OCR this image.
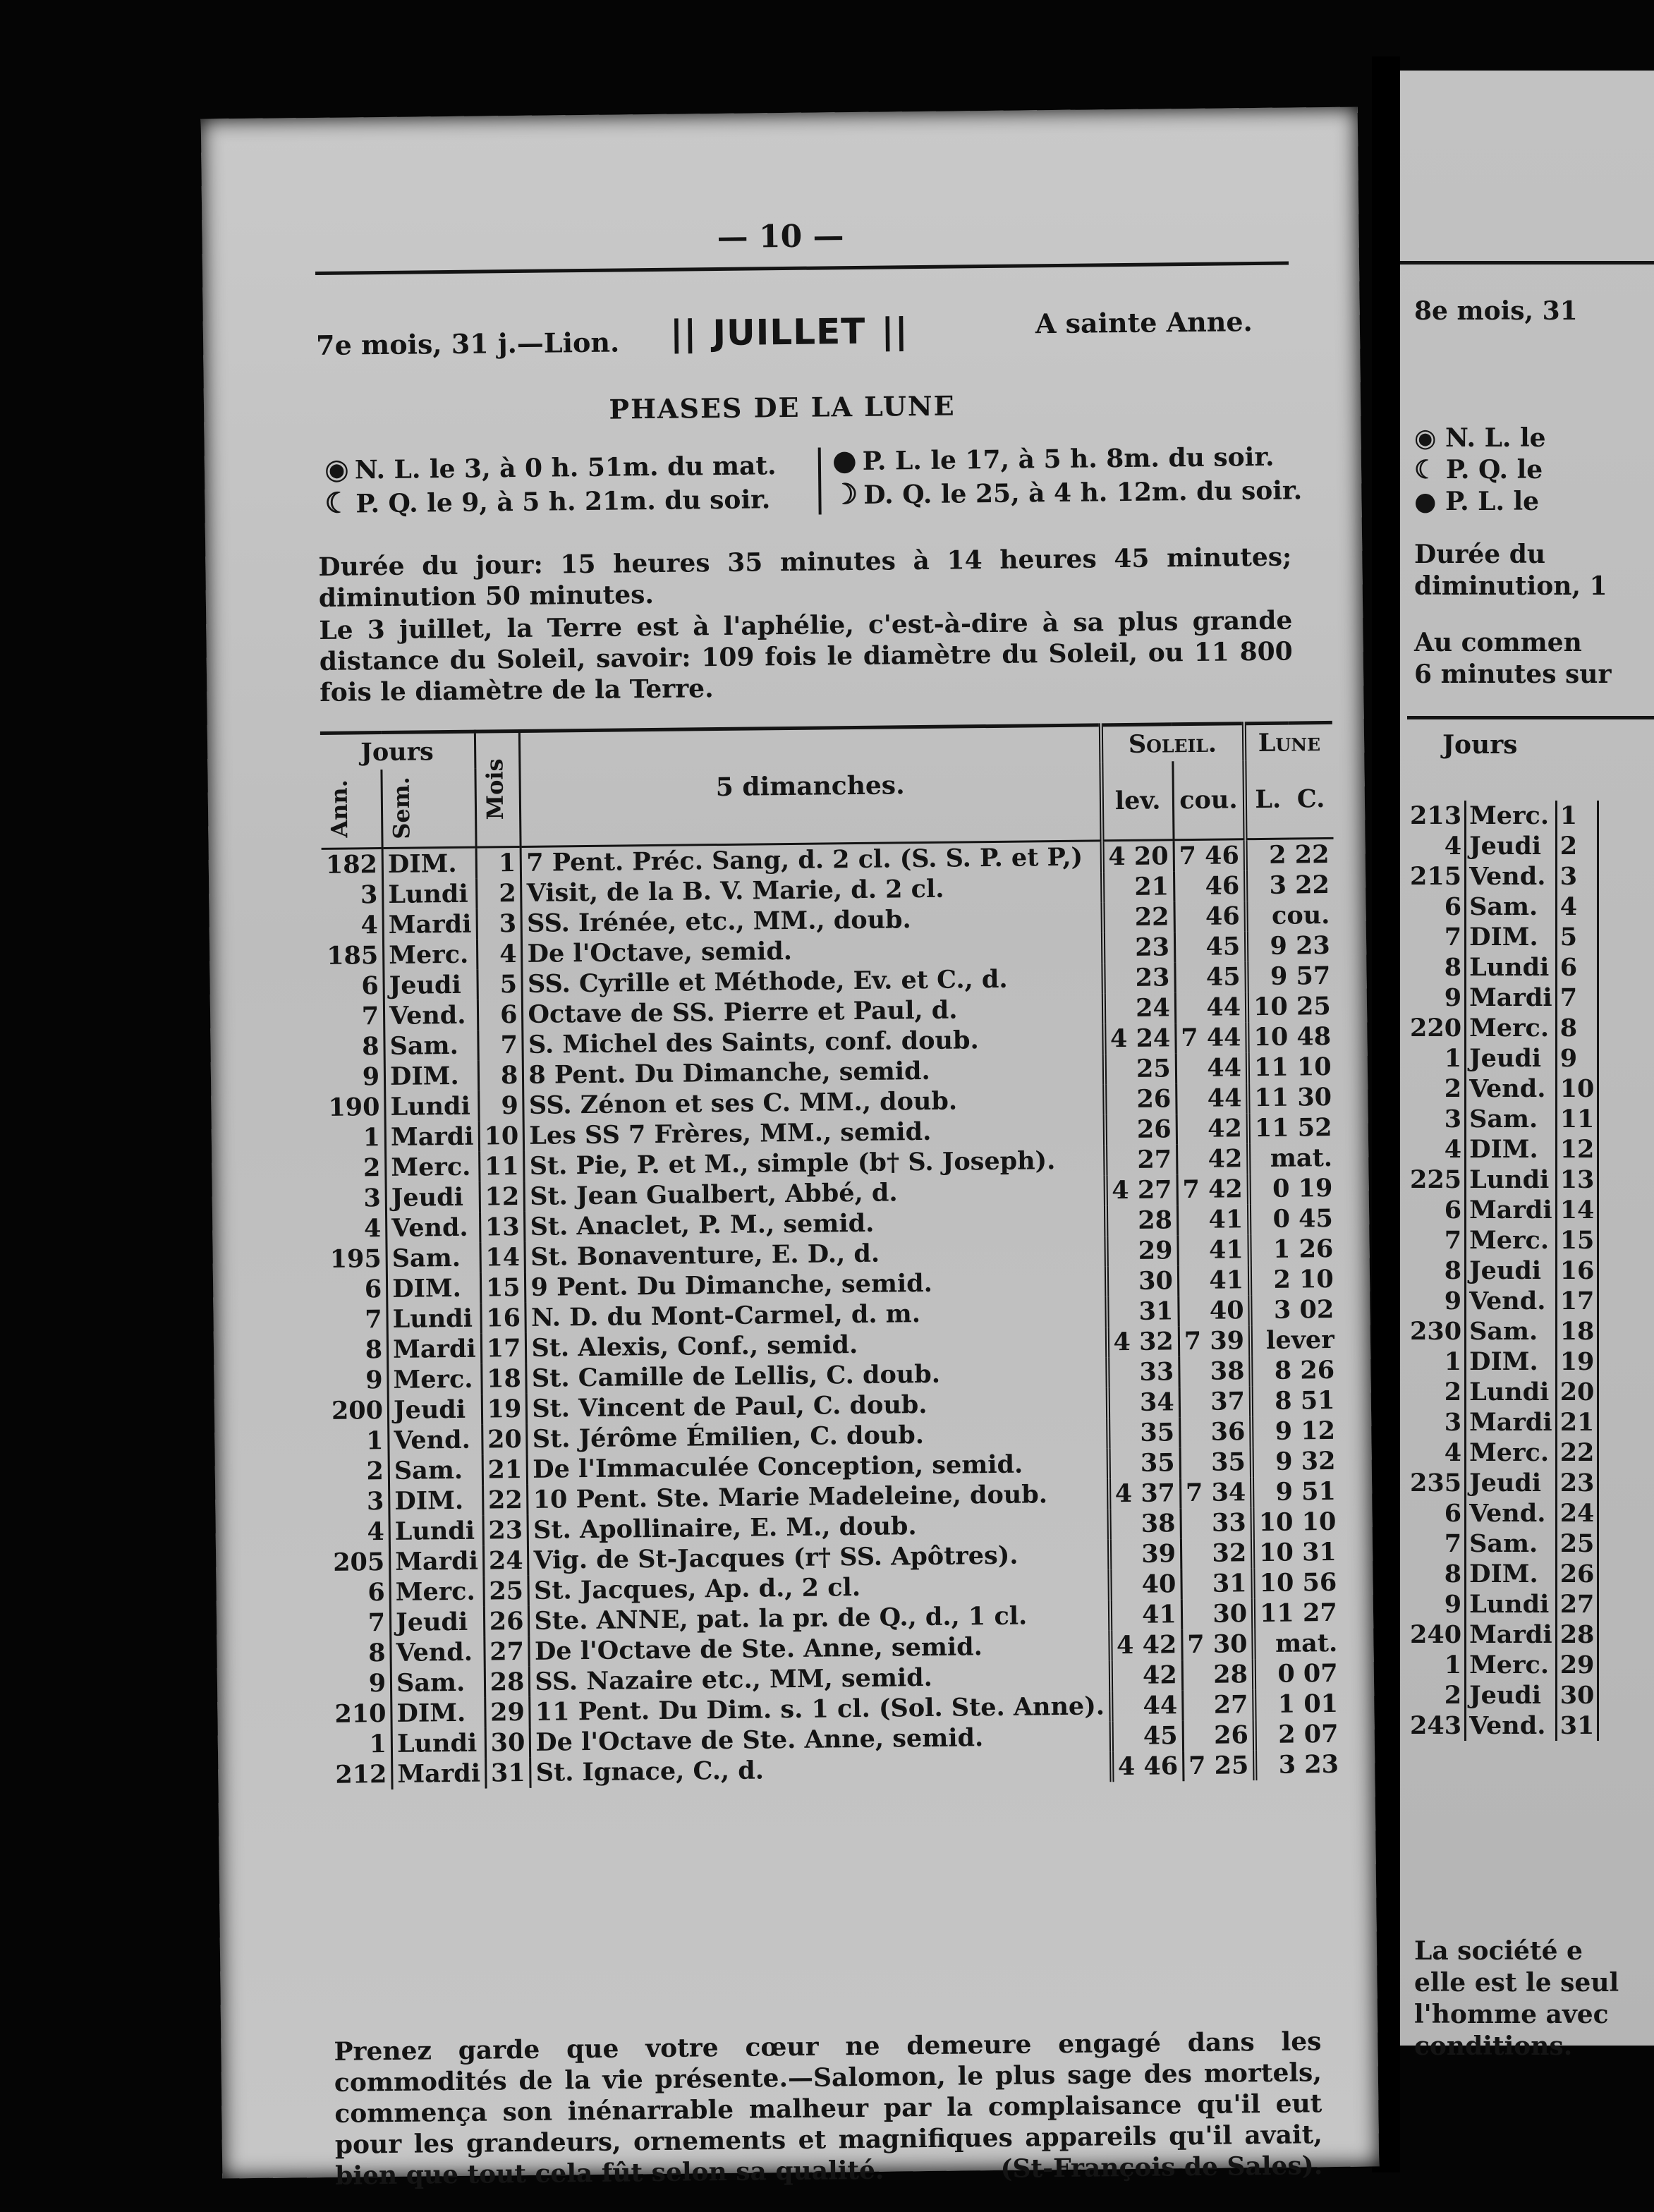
— 10 —
7e mois, 31 j.—Lion.	|| JUILLET ||	A sainte Anne.
PHASES DE LA LUNE
◉ N. L. le 3, à 0 h. 51m. du mat.
☾ P. Q. le 9, à 5 h. 21m. du soir.
● P. L. le 17, à 5 h. 8m. du soir.
☽ D. Q. le 25, à 4 h. 12m. du soir.
Durée du jour: 15 heures 35 minutes à 14 heures 45 minutes; diminution 50 minutes.
Le 3 juillet, la Terre est à l'aphélie, c'est-à-dire à sa plus grande distance du Soleil, savoir: 109 fois le diamètre du Soleil, ou 11 800 fois le diamètre de la Terre.
Jours		Mois	5 dimanches.	Soleil.		Lune	

Ann.	Sem.			lev.	cou.	L.	C.
182	DIM.	1	7 Pent. Préc. Sang, d. 2 cl. (S. S. P. et P,)	4 20	7 46	2 22	
3	Lundi	2	Visit, de la B. V. Marie, d. 2 cl.	21	46	3 22	
4	Mardi	3	SS. Irénée, etc., MM., doub.	22	46	cou.	
185	Merc.	4	De l'Octave, semid.	23	45	9 23	
6	Jeudi	5	SS. Cyrille et Méthode, Ev. et C., d.	23	45	9 57	
7	Vend.	6	Octave de SS. Pierre et Paul, d.	24	44	10 25	
8	Sam.	7	S. Michel des Saints, conf. doub.	4 24	7 44	10 48	
9	DIM.	8	8 Pent. Du Dimanche, semid.	25	44	11 10	
190	Lundi	9	SS. Zénon et ses C. MM., doub.	26	44	11 30	
1	Mardi	10	Les SS 7 Frères, MM., semid.	26	42	11 52	
2	Merc.	11	St. Pie, P. et M., simple (b† S. Joseph).	27	42	mat.	
3	Jeudi	12	St. Jean Gualbert, Abbé, d.	4 27	7 42	0 19	
4	Vend.	13	St. Anaclet, P. M., semid.	28	41	0 45	
195	Sam.	14	St. Bonaventure, E. D., d.	29	41	1 26	
6	DIM.	15	9 Pent. Du Dimanche, semid.	30	41	2 10	
7	Lundi	16	N. D. du Mont-Carmel, d. m.	31	40	3 02	
8	Mardi	17	St. Alexis, Conf., semid.	4 32	7 39	lever	
9	Merc.	18	St. Camille de Lellis, C. doub.	33	38	8 26	
200	Jeudi	19	St. Vincent de Paul, C. doub.	34	37	8 51	
1	Vend.	20	St. Jérôme Émilien, C. doub.	35	36	9 12	
2	Sam.	21	De l'Immaculée Conception, semid.	35	35	9 32	
3	DIM.	22	10 Pent. Ste. Marie Madeleine, doub.	4 37	7 34	9 51	
4	Lundi	23	St. Apollinaire, E. M., doub.	38	33	10 10	
205	Mardi	24	Vig. de St-Jacques (r† SS. Apôtres).	39	32	10 31	
6	Merc.	25	St. Jacques, Ap. d., 2 cl.	40	31	10 56	
7	Jeudi	26	Ste. ANNE, pat. la pr. de Q., d., 1 cl.	41	30	11 27	
8	Vend.	27	De l'Octave de Ste. Anne, semid.	4 42	7 30	mat.	
9	Sam.	28	SS. Nazaire etc., MM, semid.	42	28	0 07	
210	DIM.	29	11 Pent. Du Dim. s. 1 cl. (Sol. Ste. Anne).	44	27	1 01	
1	Lundi	30	De l'Octave de Ste. Anne, semid.	45	26	2 07	
212	Mardi	31	St. Ignace, C., d.	4 46	7 25	3 23	
Prenez garde que votre cœur ne demeure engagé dans les commodités de la vie présente.—Salomon, le plus sage des mortels, commença son inénarrable malheur par la complaisance qu'il eut pour les grandeurs, ornements et magnifiques appareils qu'il avait, bien que tout cela fût selon sa qualité.	(St-François de Sales).
8e mois, 31
◉ N. L. le
☾ P. Q. le
● P. L. le
Durée du
diminution, 1
Au commen
6 minutes sur
Jours
213	Merc.	1
4	Jeudi	2
215	Vend.	3
6	Sam.	4
7	DIM.	5
8	Lundi	6
9	Mardi	7
220	Merc.	8
1	Jeudi	9
2	Vend.	10
3	Sam.	11
4	DIM.	12
225	Lundi	13
6	Mardi	14
7	Merc.	15
8	Jeudi	16
9	Vend.	17
230	Sam.	18
1	DIM.	19
2	Lundi	20
3	Mardi	21
4	Merc.	22
235	Jeudi	23
6	Vend.	24
7	Sam.	25
8	DIM.	26
9	Lundi	27
240	Mardi	28
1	Merc.	29
2	Jeudi	30
243	Vend.	31
La société e
elle est le seul
l'homme avec
conditions.
